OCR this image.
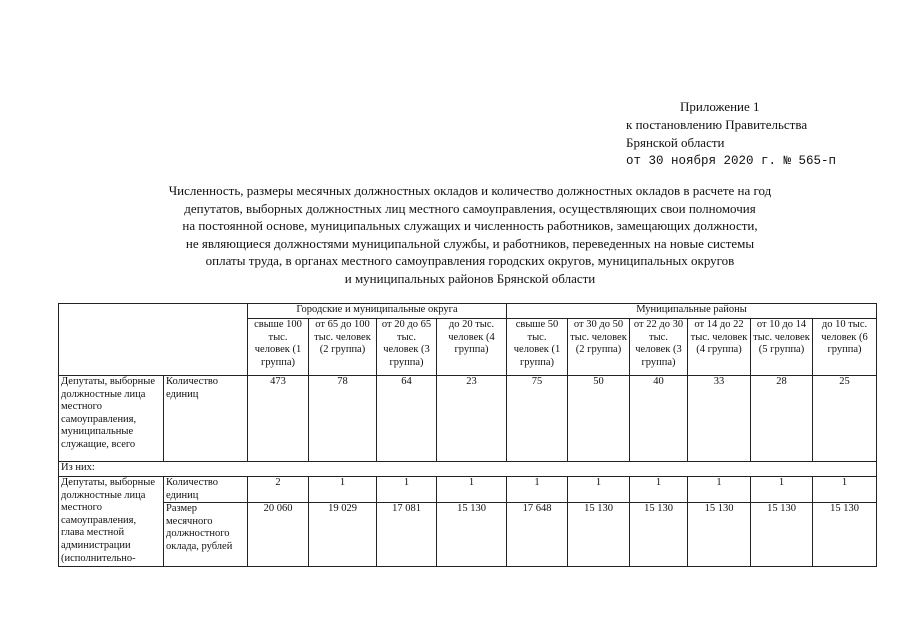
Приложение 1
к постановлению Правительства
Брянской области
от 30 ноября 2020 г. № 565-п
Численность, размеры месячных должностных окладов и количество должностных окладов в расчете на год
депутатов, выборных должностных лиц местного самоуправления, осуществляющих свои полномочия
на постоянной основе, муниципальных служащих и численность работников, замещающих должности,
не являющиеся должностями муниципальной службы, и работников, переведенных на новые системы
оплаты труда, в органах местного самоуправления городских округов, муниципальных округов
и муниципальных районов Брянской области
		Городские и муниципальные округа				Муниципальные районы					
		свыше 100 тыс. человек (1 группа)	от 65 до 100 тыс. человек (2 группа)	от 20 до 65 тыс. человек (3 группа)	до 20 тыс. человек (4 группа)	свыше 50 тыс. человек (1 группа)	от 30 до 50 тыс. человек (2 группа)	от 22 до 30 тыс. человек (3 группа)	от 14 до 22 тыс. человек (4 группа)	от 10 до 14 тыс. человек (5 группа)	до 10 тыс. человек (6 группа)
Депутаты, выборные должностные лица местного самоуправления, муниципальные служащие, всего	Количество единиц	473	78	64	23	75	50	40	33	28	25
Из них:											
Депутаты, выборные должностные лица местного самоуправления, глава местной администрации (исполнительно-	Количество единиц	2	1	1	1	1	1	1	1	1	1
	Размер месячного должностного оклада, рублей	20 060	19 029	17 081	15 130	17 648	15 130	15 130	15 130	15 130	15 130
